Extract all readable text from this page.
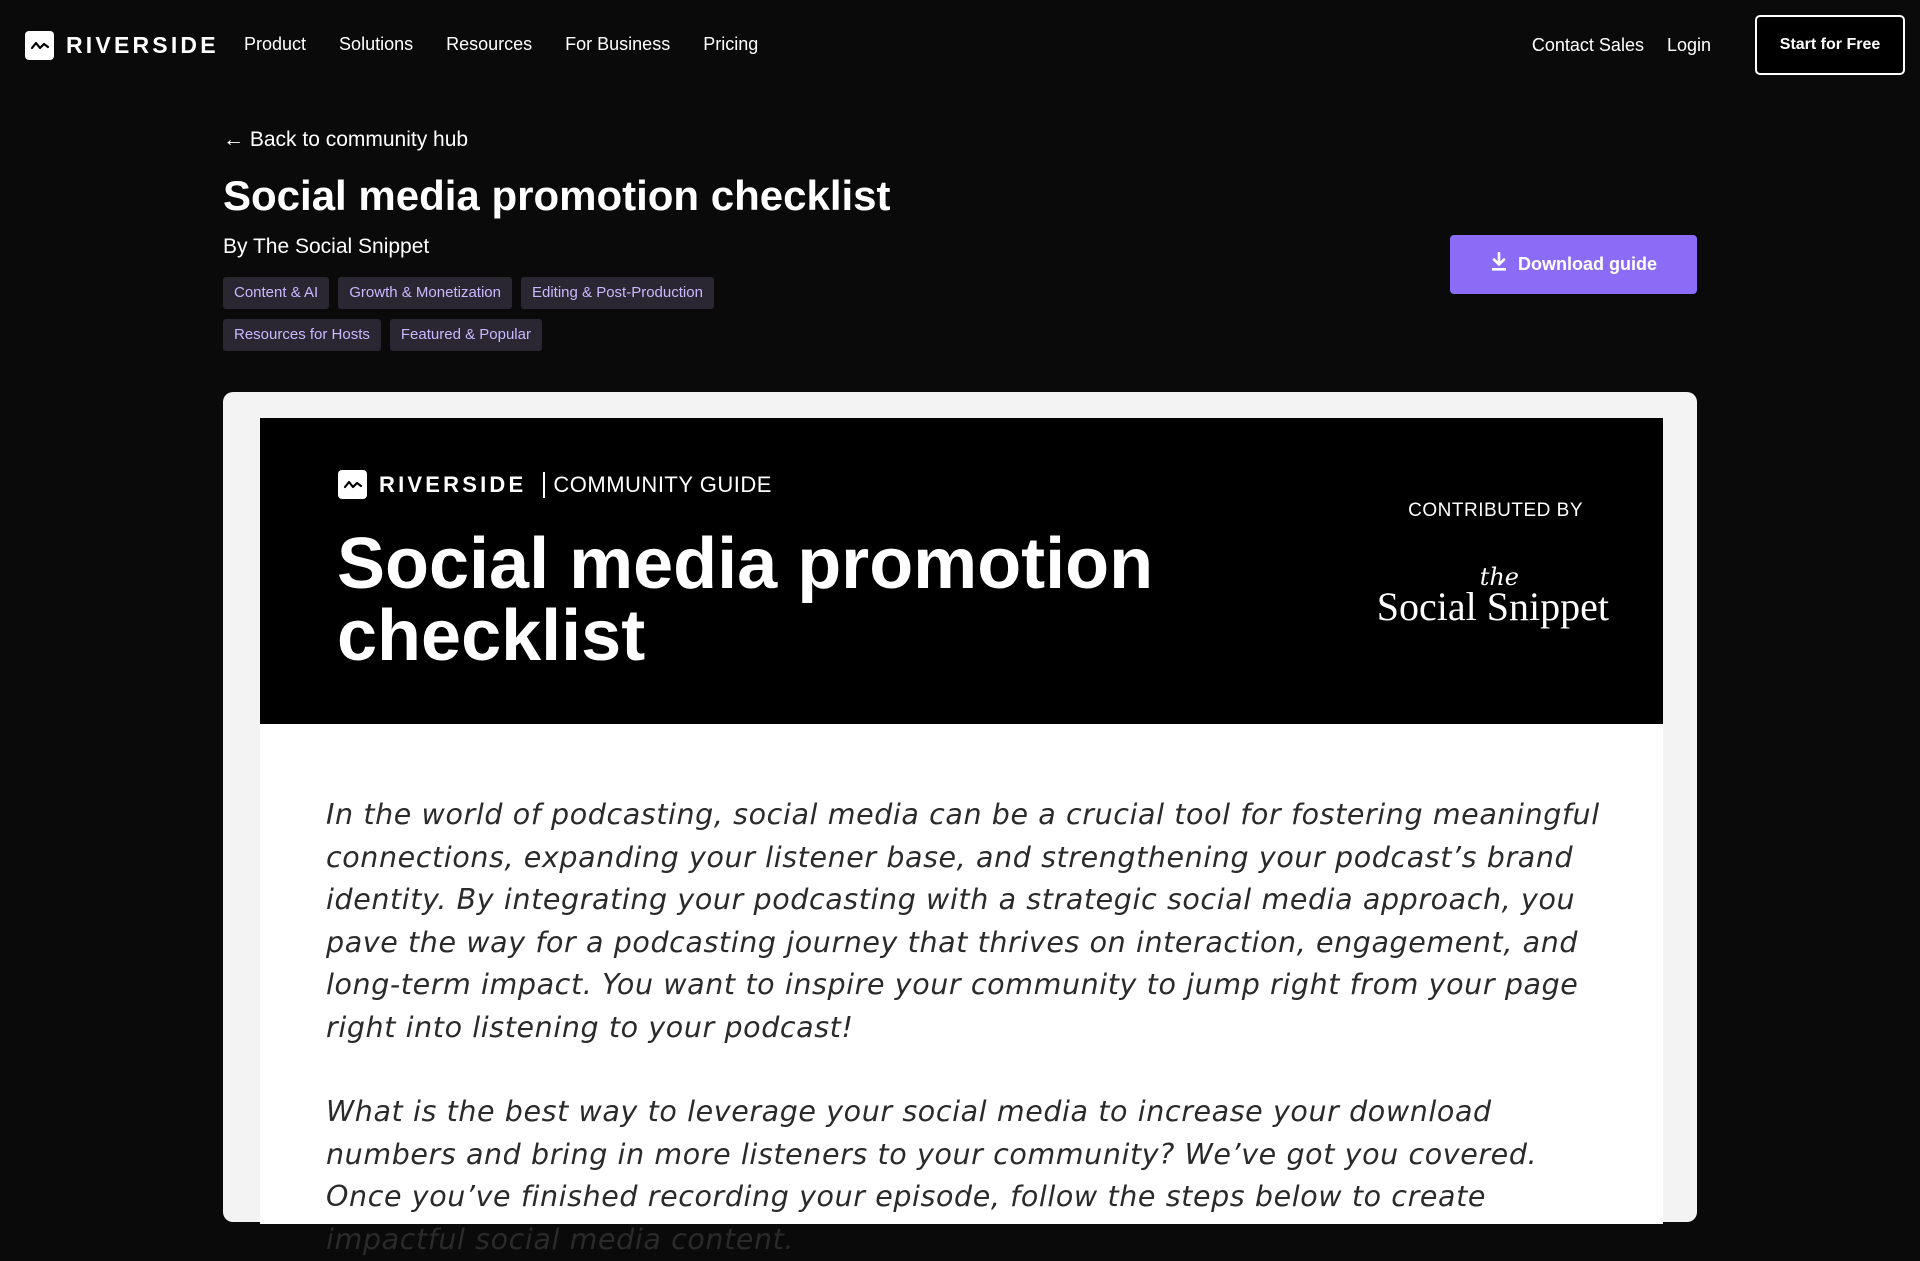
RIVERSIDE Product Solutions Resources For Business Pricing	Contact Sales Login	Start for Free
← Back to community hub
Social media promotion checklist
By The Social Snippet
Content & AI	Growth & Monetization	Editing & Post-Production
Resources for Hosts	Featured & Popular
Download guide
RIVERSIDE COMMUNITY GUIDE
Social media promotion checklist
CONTRIBUTED BY
the
Social Snippet

In the world of podcasting, social media can be a crucial tool for fostering meaningful connections, expanding your listener base, and strengthening your podcast’s brand identity. By integrating your podcasting with a strategic social media approach, you pave the way for a podcasting journey that thrives on interaction, engagement, and long-term impact. You want to inspire your community to jump right from your page right into listening to your podcast!

What is the best way to leverage your social media to increase your download numbers and bring in more listeners to your community? We’ve got you covered. Once you’ve finished recording your episode, follow the steps below to create impactful social media content.
